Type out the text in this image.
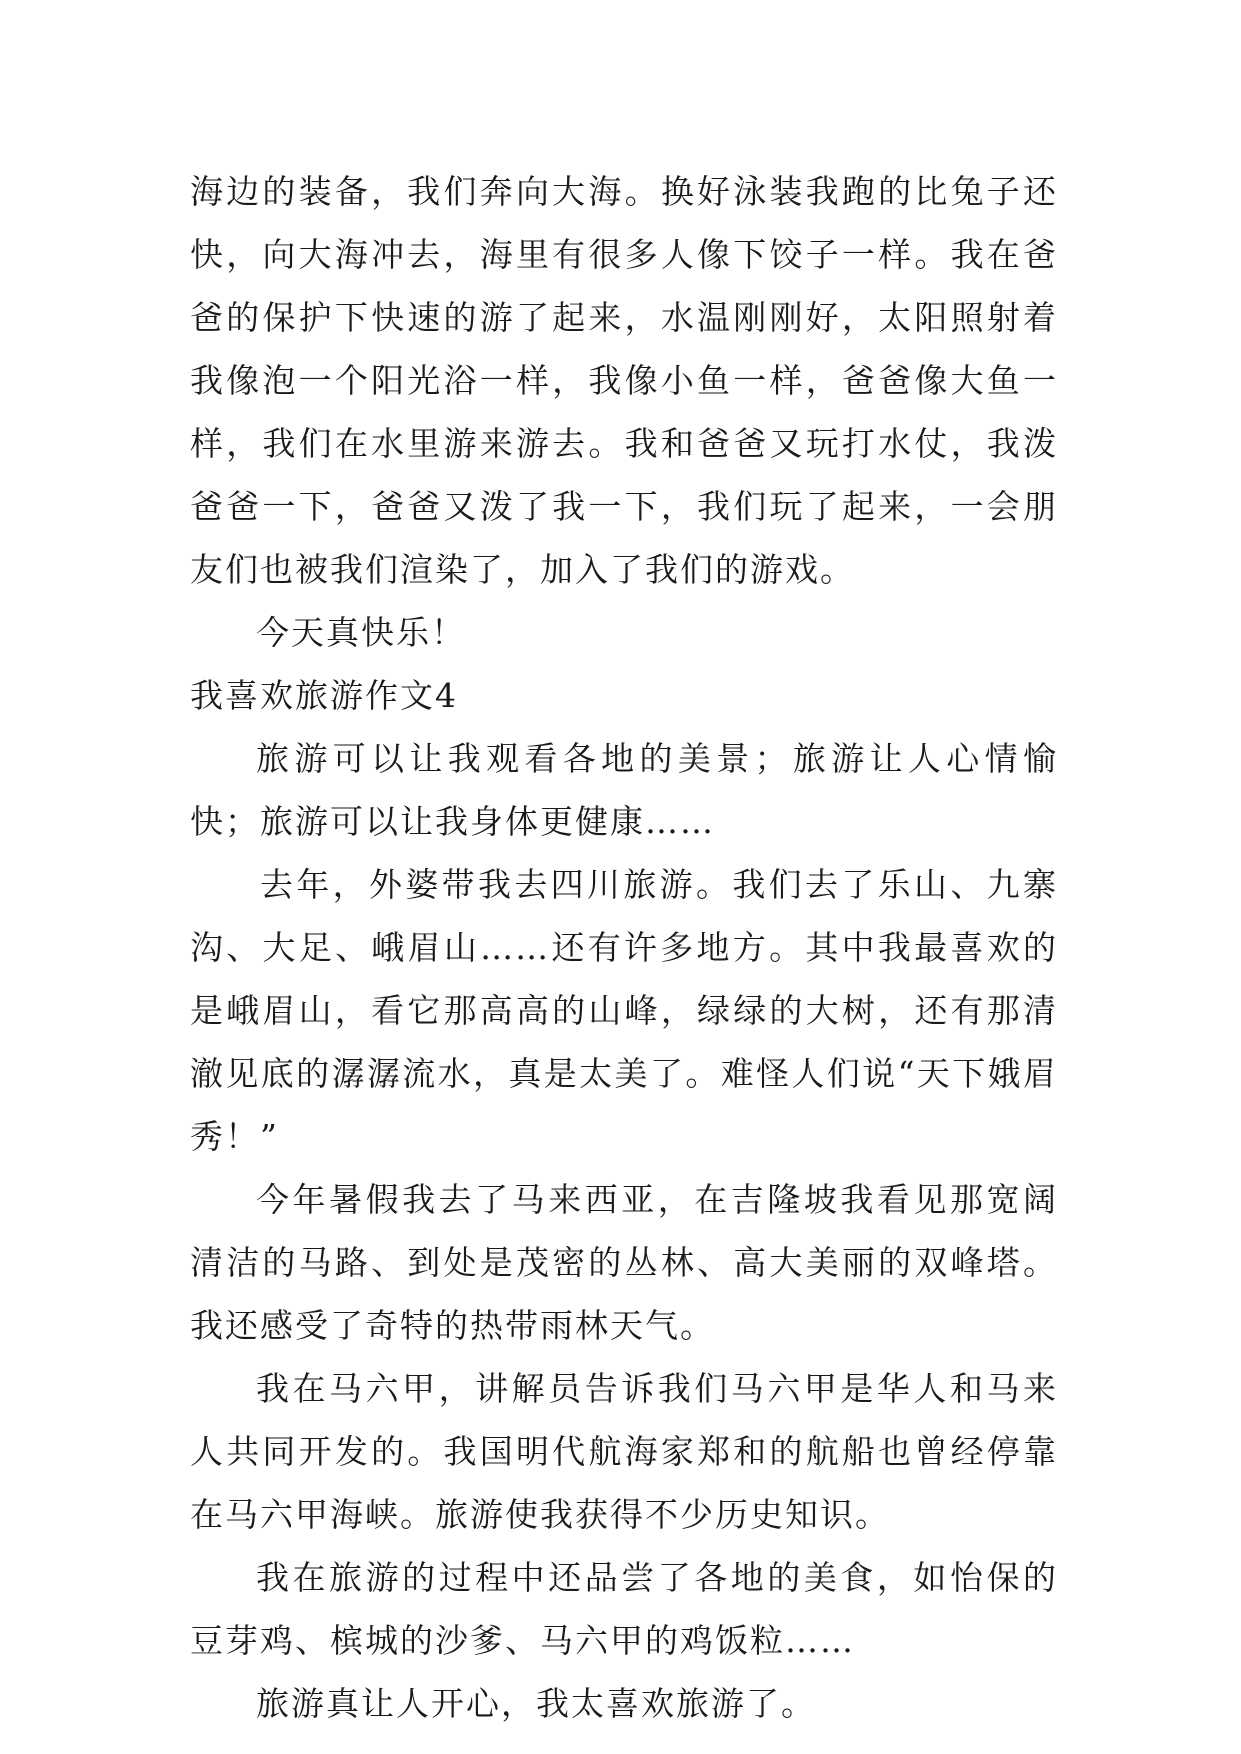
海边的装备，我们奔向大海。换好泳装我跑的比兔子还快，向大海冲去，海里有很多人像下饺子一样。我在爸爸的保护下快速的游了起来，水温刚刚好，太阳照射着我像泡一个阳光浴一样，我像小鱼一样，爸爸像大鱼一样，我们在水里游来游去。我和爸爸又玩打水仗，我泼爸爸一下，爸爸又泼了我一下，我们玩了起来，一会朋友们也被我们渲染了，加入了我们的游戏。

今天真快乐！

我喜欢旅游作文4

旅游可以让我观看各地的美景；旅游让人心情愉快；旅游可以让我身体更健康……

去年，外婆带我去四川旅游。我们去了乐山、九寨沟、大足、峨眉山……还有许多地方。其中我最喜欢的是峨眉山，看它那高高的山峰，绿绿的大树，还有那清澈见底的潺潺流水，真是太美了。难怪人们说“天下娥眉秀！”

今年暑假我去了马来西亚，在吉隆坡我看见那宽阔清洁的马路、到处是茂密的丛林、高大美丽的双峰塔。我还感受了奇特的热带雨林天气。

我在马六甲，讲解员告诉我们马六甲是华人和马来人共同开发的。我国明代航海家郑和的航船也曾经停靠在马六甲海峡。旅游使我获得不少历史知识。

我在旅游的过程中还品尝了各地的美食，如怡保的豆芽鸡、槟城的沙爹、马六甲的鸡饭粒……

旅游真让人开心，我太喜欢旅游了。
